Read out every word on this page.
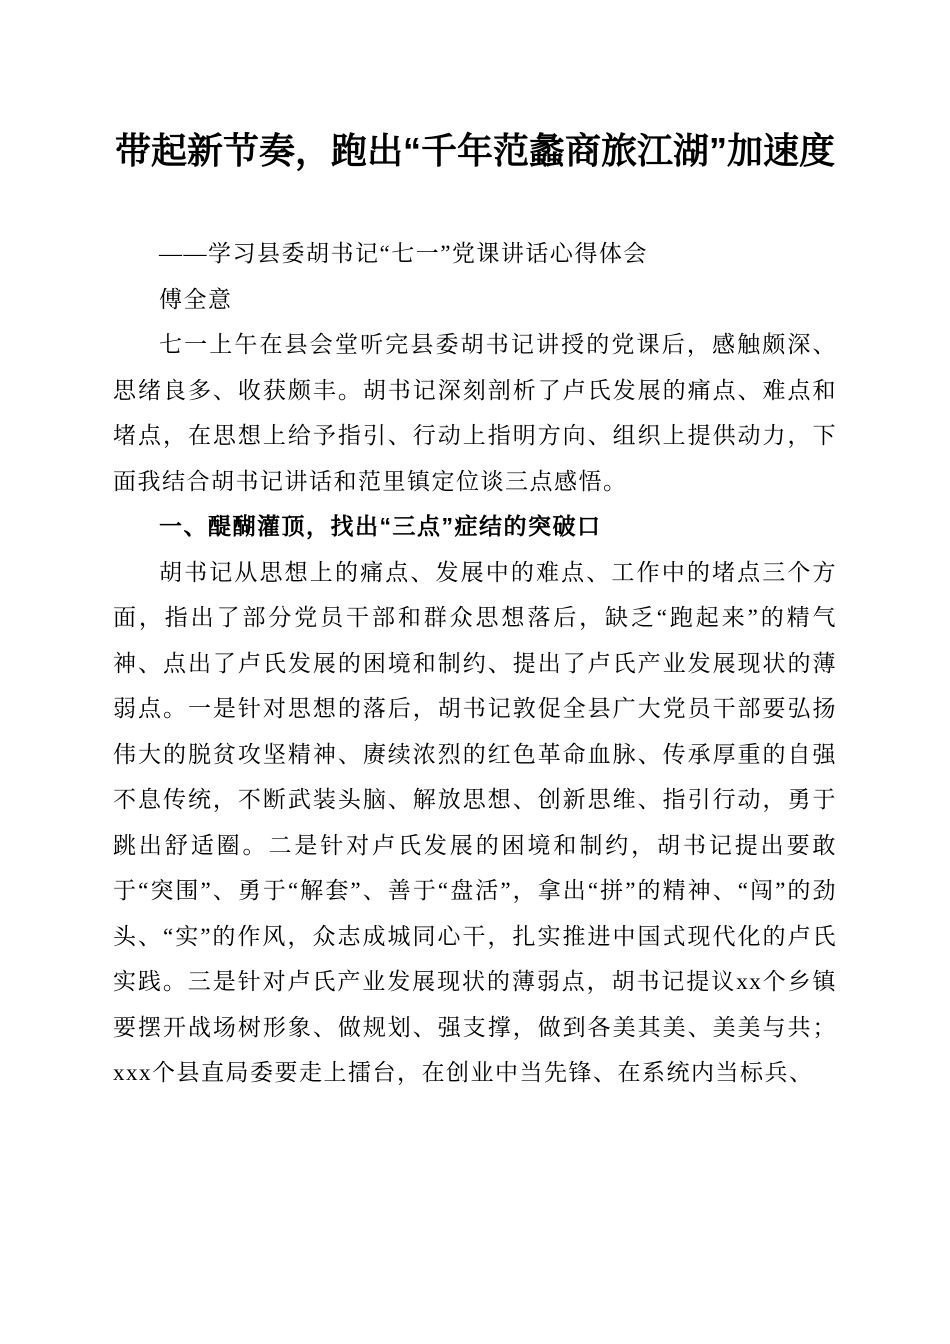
带起新节奏，跑出“千年范蠡商旅江湖”加速度

——学习县委胡书记“七一”党课讲话心得体会

傅全意

七一上午在县会堂听完县委胡书记讲授的党课后，感触颇深、思绪良多、收获颇丰。胡书记深刻剖析了卢氏发展的痛点、难点和堵点，在思想上给予指引、行动上指明方向、组织上提供动力，下面我结合胡书记讲话和范里镇定位谈三点感悟。

一、醍醐灌顶，找出“三点”症结的突破口

胡书记从思想上的痛点、发展中的难点、工作中的堵点三个方面，指出了部分党员干部和群众思想落后，缺乏“跑起来”的精气神、点出了卢氏发展的困境和制约、提出了卢氏产业发展现状的薄弱点。一是针对思想的落后，胡书记敦促全县广大党员干部要弘扬伟大的脱贫攻坚精神、赓续浓烈的红色革命血脉、传承厚重的自强不息传统，不断武装头脑、解放思想、创新思维、指引行动，勇于跳出舒适圈。二是针对卢氏发展的困境和制约，胡书记提出要敢于“突围”、勇于“解套”、善于“盘活”，拿出“拼”的精神、“闯”的劲头、“实”的作风，众志成城同心干，扎实推进中国式现代化的卢氏实践。三是针对卢氏产业发展现状的薄弱点，胡书记提议xx个乡镇要摆开战场树形象、做规划、强支撑，做到各美其美、美美与共；xxx个县直局委要走上擂台，在创业中当先锋、在系统内当标兵、
